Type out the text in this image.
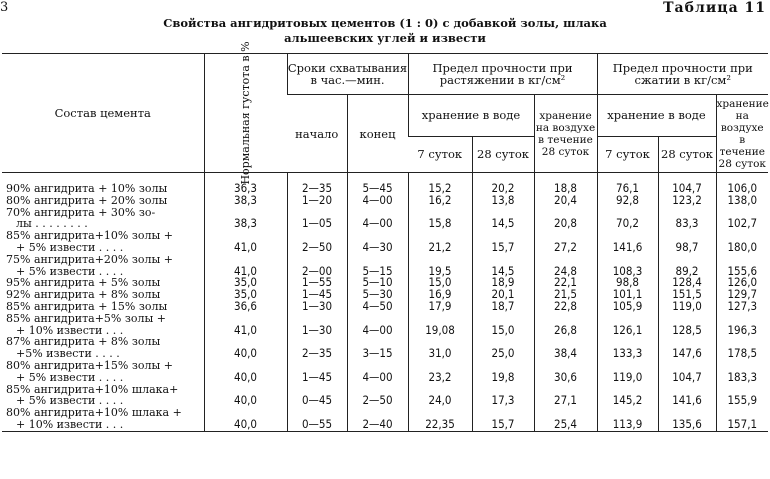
3	Таблица 11
Свойства ангидритовых цементов (1 : 0) с добавкой золы, шлака
альшеевских углей и извести
Состав цемента	Нормальная густота в %	Сроки схватывания в час.—мин.		Предел прочности при растяжении в кг/см²			Предел прочности при сжатии в кг/см²		
		начало	конец	хранение в воде		хранение на воздухе в течение 28 суток	хранение в воде		хранение на воздухе в течение 28 суток
				7 суток	28 суток		7 суток	28 суток	

90% ангидрита + 10% золы	36,3	2—35	5—45	15,2	20,2	18,8	76,1	104,7	106,0

80% ангидрита + 20% золы	38,3	1—20	4—00	16,2	13,8	20,4	92,8	123,2	138,0

70% ангидрита + 30% зо-
лы . . . . . . . .	38,3	1—05	4—00	15,8	14,5	20,8	70,2	83,3	102,7

85% ангидрита+10% золы +
+ 5% извести . . . .	41,0	2—50	4—30	21,2	15,7	27,2	141,6	98,7	180,0

75% ангидрита+20% золы +
+ 5% извести . . . .	41,0	2—00	5—15	19,5	14,5	24,8	108,3	89,2	155,6

95% ангидрита + 5% золы	35,0	1—55	5—10	15,0	18,9	22,1	98,8	128,4	126,0

92% ангидрита + 8% золы	35,0	1—45	5—30	16,9	20,1	21,5	101,1	151,5	129,7

85% ангидрита + 15% золы	36,6	1—30	4—50	17,9	18,7	22,8	105,9	119,0	127,3

85% ангидрита+5% золы +
+ 10% извести . . .	41,0	1—30	4—00	19,08	15,0	26,8	126,1	128,5	196,3

87% ангидрита + 8% золы
+5% извести . . . .	40,0	2—35	3—15	31,0	25,0	38,4	133,3	147,6	178,5

80% ангидрита+15% золы +
+ 5% извести . . . .	40,0	1—45	4—00	23,2	19,8	30,6	119,0	104,7	183,3

85% ангидрита+10% шлака+
+ 5% извести . . . .	40,0	0—45	2—50	24,0	17,3	27,1	145,2	141,6	155,9

80% ангидрита+10% шлака +
+ 10% извести . . .	40,0	0—55	2—40	22,35	15,7	25,4	113,9	135,6	157,1
